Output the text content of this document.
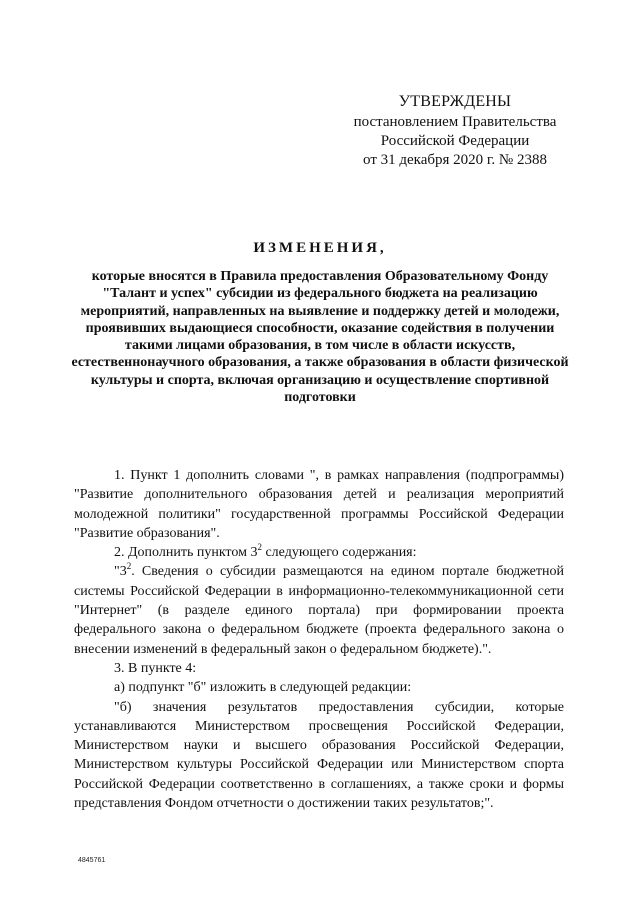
УТВЕРЖДЕНЫ
постановлением Правительства
Российской Федерации
от 31 декабря 2020 г. № 2388
ИЗМЕНЕНИЯ,
которые вносятся в Правила предоставления Образовательному Фонду "Талант и успех" субсидии из федерального бюджета на реализацию мероприятий, направленных на выявление и поддержку детей и молодежи, проявивших выдающиеся способности, оказание содействия в получении такими лицами образования, в том числе в области искусств, естественнонаучного образования, а также образования в области физической культуры и спорта, включая организацию и осуществление спортивной подготовки

1. Пункт 1 дополнить словами ", в рамках направления (подпрограммы) "Развитие дополнительного образования детей и реализация мероприятий молодежной политики" государственной программы Российской Федерации "Развитие образования".

2. Дополнить пунктом $3^2$ следующего содержания:

"$3^2$. Сведения о субсидии размещаются на едином портале бюджетной системы Российской Федерации в информационно-телекоммуникационной сети "Интернет" (в разделе единого портала) при формировании проекта федерального закона о федеральном бюджете (проекта федерального закона о внесении изменений в федеральный закон о федеральном бюджете).".

3. В пункте 4:

а) подпункт "б" изложить в следующей редакции:

"б) значения результатов предоставления субсидии, которые устанавливаются Министерством просвещения Российской Федерации, Министерством науки и высшего образования Российской Федерации, Министерством культуры Российской Федерации или Министерством спорта Российской Федерации соответственно в соглашениях, а также сроки и формы представления Фондом отчетности о достижении таких результатов;".

4845761
